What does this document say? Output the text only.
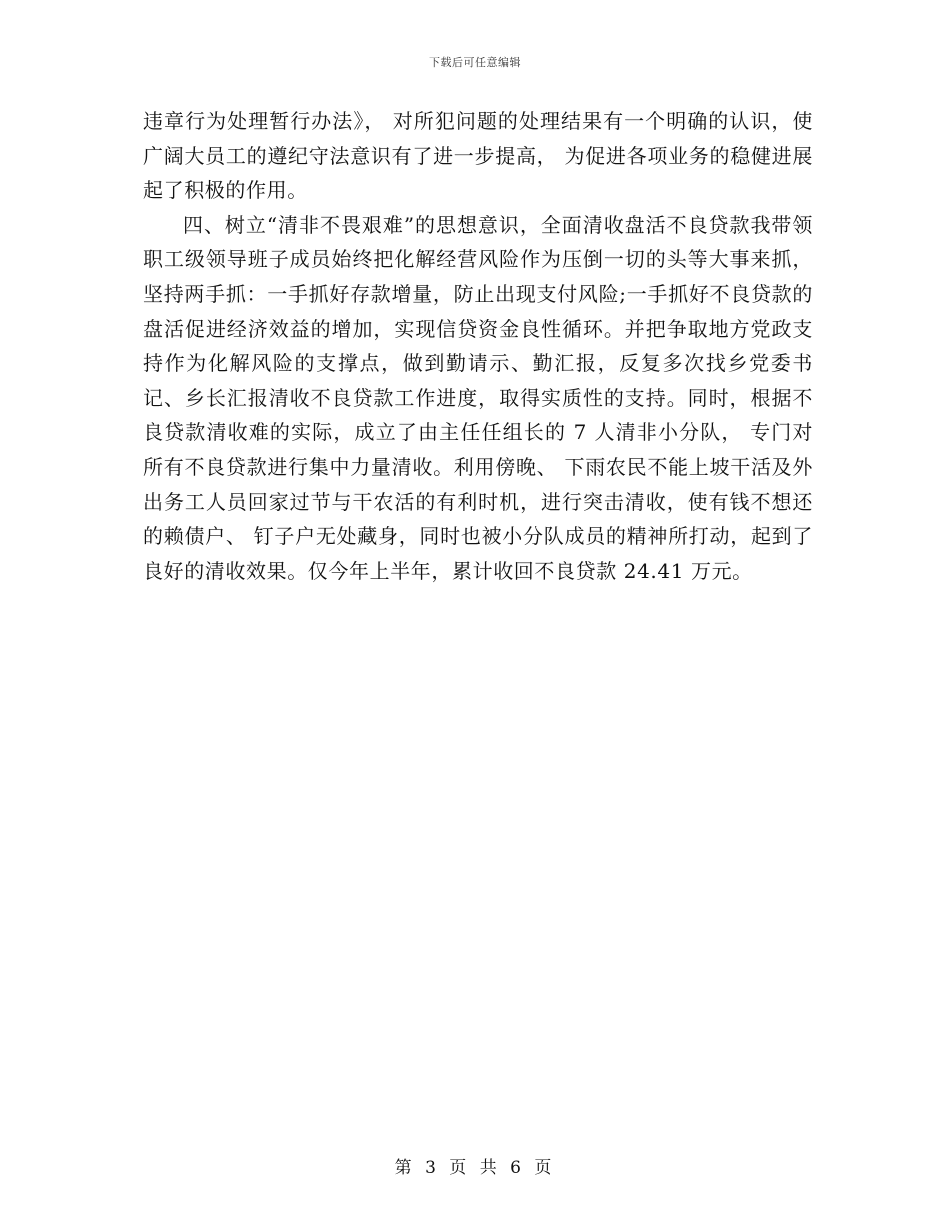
下载后可任意编辑

违章行为处理暂行办法》， 对所犯问题的处理结果有一个明确的认识，使广阔大员工的遵纪守法意识有了进一步提高， 为促进各项业务的稳健进展起了积极的作用。

四、树立“清非不畏艰难”的思想意识，全面清收盘活不良贷款我带领职工级领导班子成员始终把化解经营风险作为压倒一切的头等大事来抓，坚持两手抓：一手抓好存款增量，防止出现支付风险;一手抓好不良贷款的盘活促进经济效益的增加，实现信贷资金良性循环。并把争取地方党政支持作为化解风险的支撑点，做到勤请示、勤汇报，反复多次找乡党委书记、乡长汇报清收不良贷款工作进度，取得实质性的支持。同时，根据不良贷款清收难的实际，成立了由主任任组长的 7 人清非小分队， 专门对所有不良贷款进行集中力量清收。利用傍晚、 下雨农民不能上坡干活及外出务工人员回家过节与干农活的有利时机，进行突击清收，使有钱不想还的赖债户、 钉子户无处藏身，同时也被小分队成员的精神所打动，起到了良好的清收效果。仅今年上半年，累计收回不良贷款 24.41 万元。

第 3 页 共 6 页
